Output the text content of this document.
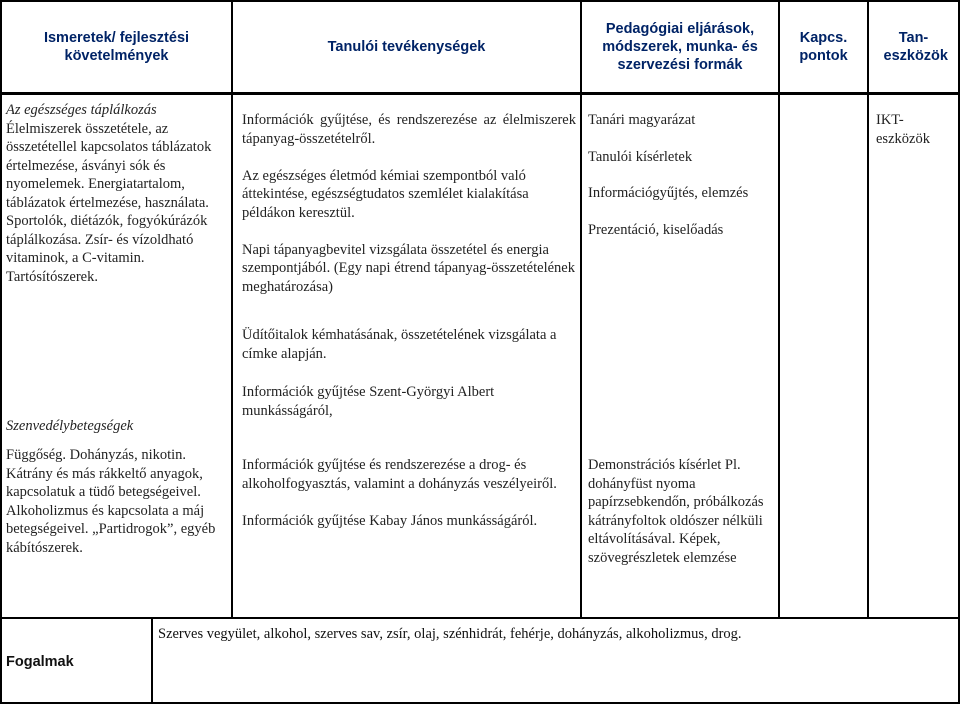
Ismeretek/ fejlesztési követelmények
Tanulói tevékenységek
Pedagógiai eljárások, módszerek, munka- és szervezési formák
Kapcs. pontok
Tan-eszközök

Az egészséges táplálkozás

Élelmiszerek összetétele, az összetétellel kapcsolatos táblázatok értelmezése, ásványi sók és nyomelemek. Energiatartalom, táblázatok értelmezése, használata. Sportolók, diétázók, fogyókúrázók táplálkozása. Zsír- és vízoldható vitaminok, a C-vitamin. Tartósítószerek.

Információk gyűjtése, és rendszerezése az élelmiszerek tápanyag-összetételről.

Az egészséges életmód kémiai szempontból való áttekintése, egészségtudatos szemlélet kialakítása példákon keresztül.

Napi tápanyagbevitel vizsgálata összetétel és energia szempontjából. (Egy napi étrend tápanyag-összetételének meghatározása)

Üdítőitalok kémhatásának, összetételének vizsgálata a címke alapján.

Információk gyűjtése Szent-Györgyi Albert munkásságáról,

Tanári magyarázat

Tanulói kísérletek

Információgyűjtés, elemzés

Prezentáció, kiselőadás

IKT-eszközök

Szenvedélybetegségek

Függőség. Dohányzás, nikotin. Kátrány és más rákkeltő anyagok, kapcsolatuk a tüdő betegségeivel. Alkoholizmus és kapcsolata a máj betegségeivel. „Partidrogok”, egyéb kábítószerek.

Információk gyűjtése és rendszerezése a drog- és alkoholfogyasztás, valamint a dohányzás veszélyeiről.

Információk gyűjtése Kabay János munkásságáról.

Demonstrációs kísérlet Pl. dohányfüst nyoma papírzsebkendőn, próbálkozás kátrányfoltok oldószer nélküli eltávolításával. Képek, szövegrészletek elemzése

Fogalmak

Szerves vegyület, alkohol, szerves sav, zsír, olaj, szénhidrát, fehérje, dohányzás, alkoholizmus, drog.
